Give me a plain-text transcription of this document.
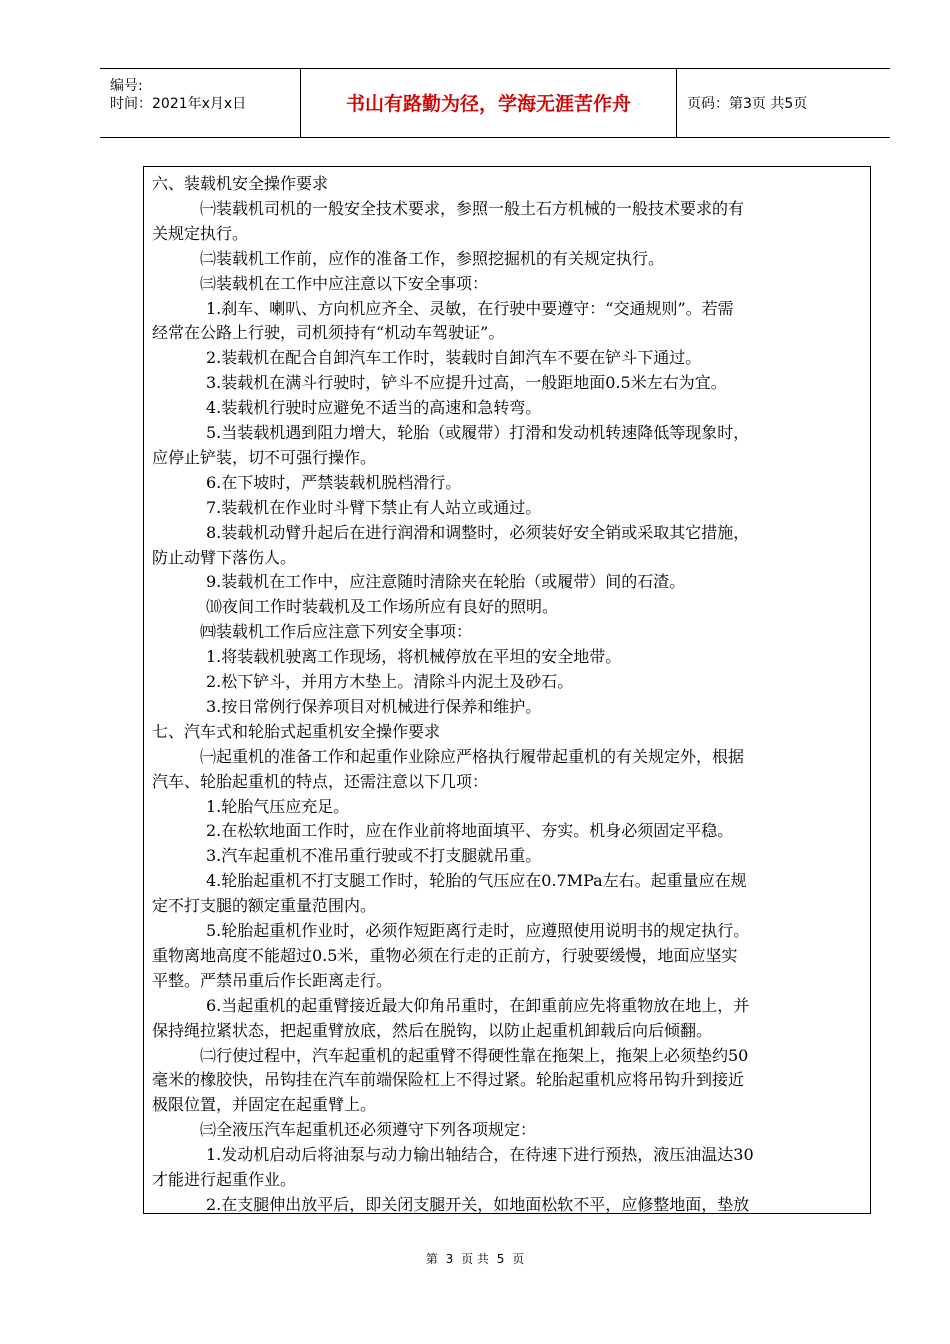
编号:
时间：2021年x月x日	书山有路勤为径，学海无涯苦作舟	页码：第3页 共5页
六、装载机安全操作要求
㈠装载机司机的一般安全技术要求，参照一般土石方机械的一般技术要求的有
关规定执行。
㈡装载机工作前，应作的准备工作，参照挖掘机的有关规定执行。
㈢装载机在工作中应注意以下安全事项：
1.刹车、喇叭、方向机应齐全、灵敏，在行驶中要遵守：“交通规则”。若需
经常在公路上行驶，司机须持有“机动车驾驶证”。
2.装载机在配合自卸汽车工作时，装载时自卸汽车不要在铲斗下通过。
3.装载机在满斗行驶时，铲斗不应提升过高，一般距地面0.5米左右为宜。
4.装载机行驶时应避免不适当的高速和急转弯。
5.当装载机遇到阻力增大，轮胎（或履带）打滑和发动机转速降低等现象时，
应停止铲装，切不可强行操作。
6.在下坡时，严禁装载机脱档滑行。
7.装载机在作业时斗臂下禁止有人站立或通过。
8.装载机动臂升起后在进行润滑和调整时，必须装好安全销或采取其它措施，
防止动臂下落伤人。
9.装载机在工作中，应注意随时清除夹在轮胎（或履带）间的石渣。
⑽夜间工作时装载机及工作场所应有良好的照明。
㈣装载机工作后应注意下列安全事项：
1.将装载机驶离工作现场，将机械停放在平坦的安全地带。
2.松下铲斗，并用方木垫上。清除斗内泥土及砂石。
3.按日常例行保养项目对机械进行保养和维护。
七、汽车式和轮胎式起重机安全操作要求
㈠起重机的准备工作和起重作业除应严格执行履带起重机的有关规定外，根据
汽车、轮胎起重机的特点，还需注意以下几项：
1.轮胎气压应充足。
2.在松软地面工作时，应在作业前将地面填平、夯实。机身必须固定平稳。
3.汽车起重机不准吊重行驶或不打支腿就吊重。
4.轮胎起重机不打支腿工作时，轮胎的气压应在0.7MPa左右。起重量应在规
定不打支腿的额定重量范围内。
5.轮胎起重机作业时，必须作短距离行走时，应遵照使用说明书的规定执行。
重物离地高度不能超过0.5米，重物必须在行走的正前方，行驶要缓慢，地面应坚实
平整。严禁吊重后作长距离走行。
6.当起重机的起重臂接近最大仰角吊重时，在卸重前应先将重物放在地上，并
保持绳拉紧状态，把起重臂放底，然后在脱钩，以防止起重机卸载后向后倾翻。
㈡行使过程中，汽车起重机的起重臂不得硬性靠在拖架上，拖架上必须垫约50
毫米的橡胶快，吊钩挂在汽车前端保险杠上不得过紧。轮胎起重机应将吊钩升到接近
极限位置，并固定在起重臂上。
㈢全液压汽车起重机还必须遵守下列各项规定：
1.发动机启动后将油泵与动力输出轴结合，在待速下进行预热，液压油温达30
才能进行起重作业。
2.在支腿伸出放平后，即关闭支腿开关，如地面松软不平，应修整地面，垫放
第 3 页 共 5 页
